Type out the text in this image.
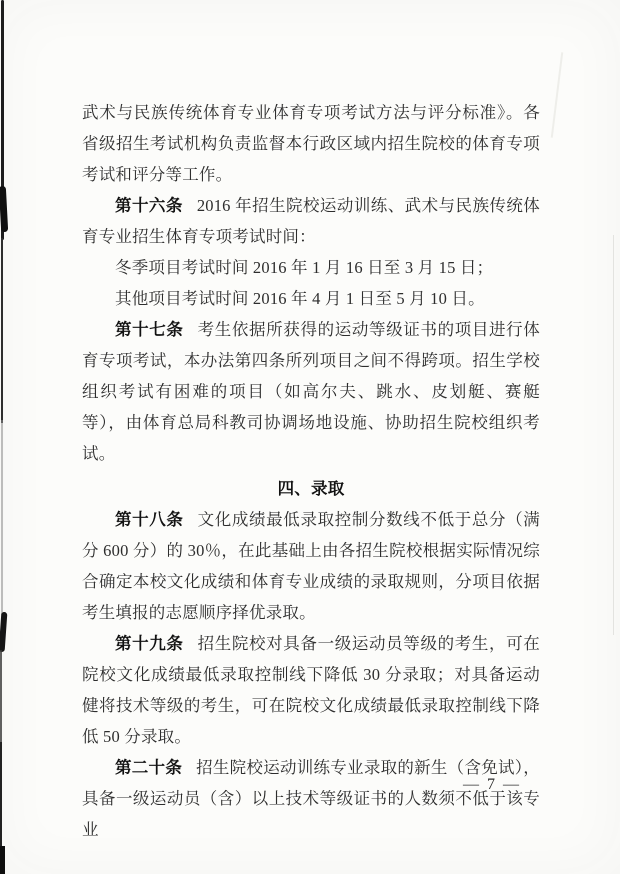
武术与民族传统体育专业体育专项考试方法与评分标准》。各省级招生考试机构负责监督本行政区域内招生院校的体育专项考试和评分等工作。

第十六条 2016 年招生院校运动训练、武术与民族传统体育专业招生体育专项考试时间：

冬季项目考试时间 2016 年 1 月 16 日至 3 月 15 日；

其他项目考试时间 2016 年 4 月 1 日至 5 月 10 日。

第十七条 考生依据所获得的运动等级证书的项目进行体育专项考试，本办法第四条所列项目之间不得跨项。招生学校组织考试有困难的项目（如高尔夫、跳水、皮划艇、赛艇等），由体育总局科教司协调场地设施、协助招生院校组织考试。

四、录取

第十八条 文化成绩最低录取控制分数线不低于总分（满分 600 分）的 30％，在此基础上由各招生院校根据实际情况综合确定本校文化成绩和体育专业成绩的录取规则，分项目依据考生填报的志愿顺序择优录取。

第十九条 招生院校对具备一级运动员等级的考生，可在院校文化成绩最低录取控制线下降低 30 分录取；对具备运动健将技术等级的考生，可在院校文化成绩最低录取控制线下降低 50 分录取。

第二十条 招生院校运动训练专业录取的新生（含免试），具备一级运动员（含）以上技术等级证书的人数须不低于该专业

— 7 —
